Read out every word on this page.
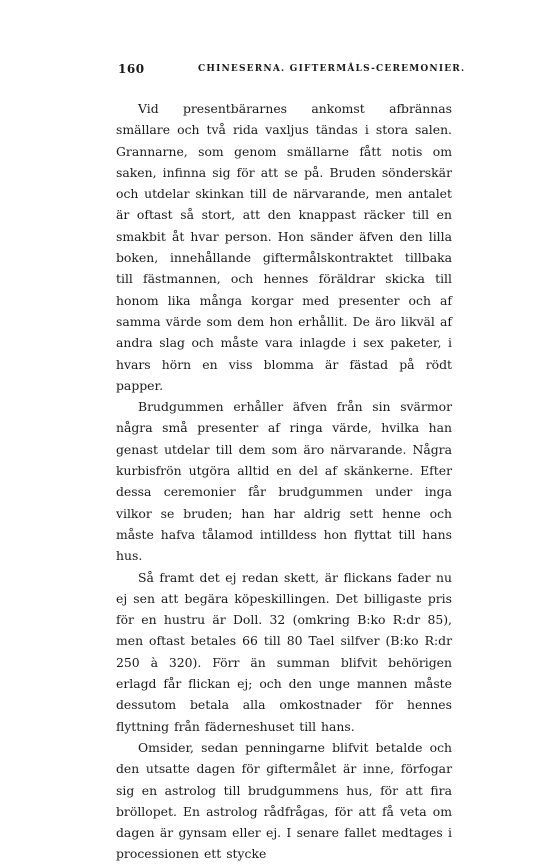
160	CHINESERNA. GIFTERMÅLS-CEREMONIER.

Vid presentbärarnes ankomst afbrännas smällare och två rida vaxljus tändas i stora salen. Grannarne, som genom smällarne fått notis om saken, infinna sig för att se på. Bruden sönderskär och utdelar skinkan till de närvarande, men antalet är oftast så stort, att den knappast räcker till en smakbit åt hvar person. Hon sänder äfven den lilla boken, innehållande giftermålskontraktet tillbaka till fästmannen, och hennes föräldrar skicka till honom lika många korgar med presenter och af samma värde som dem hon erhållit. De äro likväl af andra slag och måste vara inlagde i sex paketer, i hvars hörn en viss blomma är fästad på rödt papper.

Brudgummen erhåller äfven från sin svärmor några små presenter af ringa värde, hvilka han genast utdelar till dem som äro närvarande. Några kurbisfrön utgöra alltid en del af skänkerne. Efter dessa ceremonier får brudgummen under inga vilkor se bruden; han har aldrig sett henne och måste hafva tålamod intilldess hon flyttat till hans hus.

Så framt det ej redan skett, är flickans fader nu ej sen att begära köpeskillingen. Det billigaste pris för en hustru är Doll. 32 (omkring B:ko R:dr 85), men oftast betales 66 till 80 Tael silfver (B:ko R:dr 250 à 320). Förr än summan blifvit behörigen erlagd får flickan ej; och den unge mannen måste dessutom betala alla omkostnader för hennes flyttning från fäderneshuset till hans.

Omsider, sedan penningarne blifvit betalde och den utsatte dagen för giftermålet är inne, förfogar sig en astrolog till brudgummens hus, för att fira bröllopet. En astrolog rådfrågas, för att få veta om dagen är gynsam eller ej. I senare fallet medtages i processionen ett stycke
